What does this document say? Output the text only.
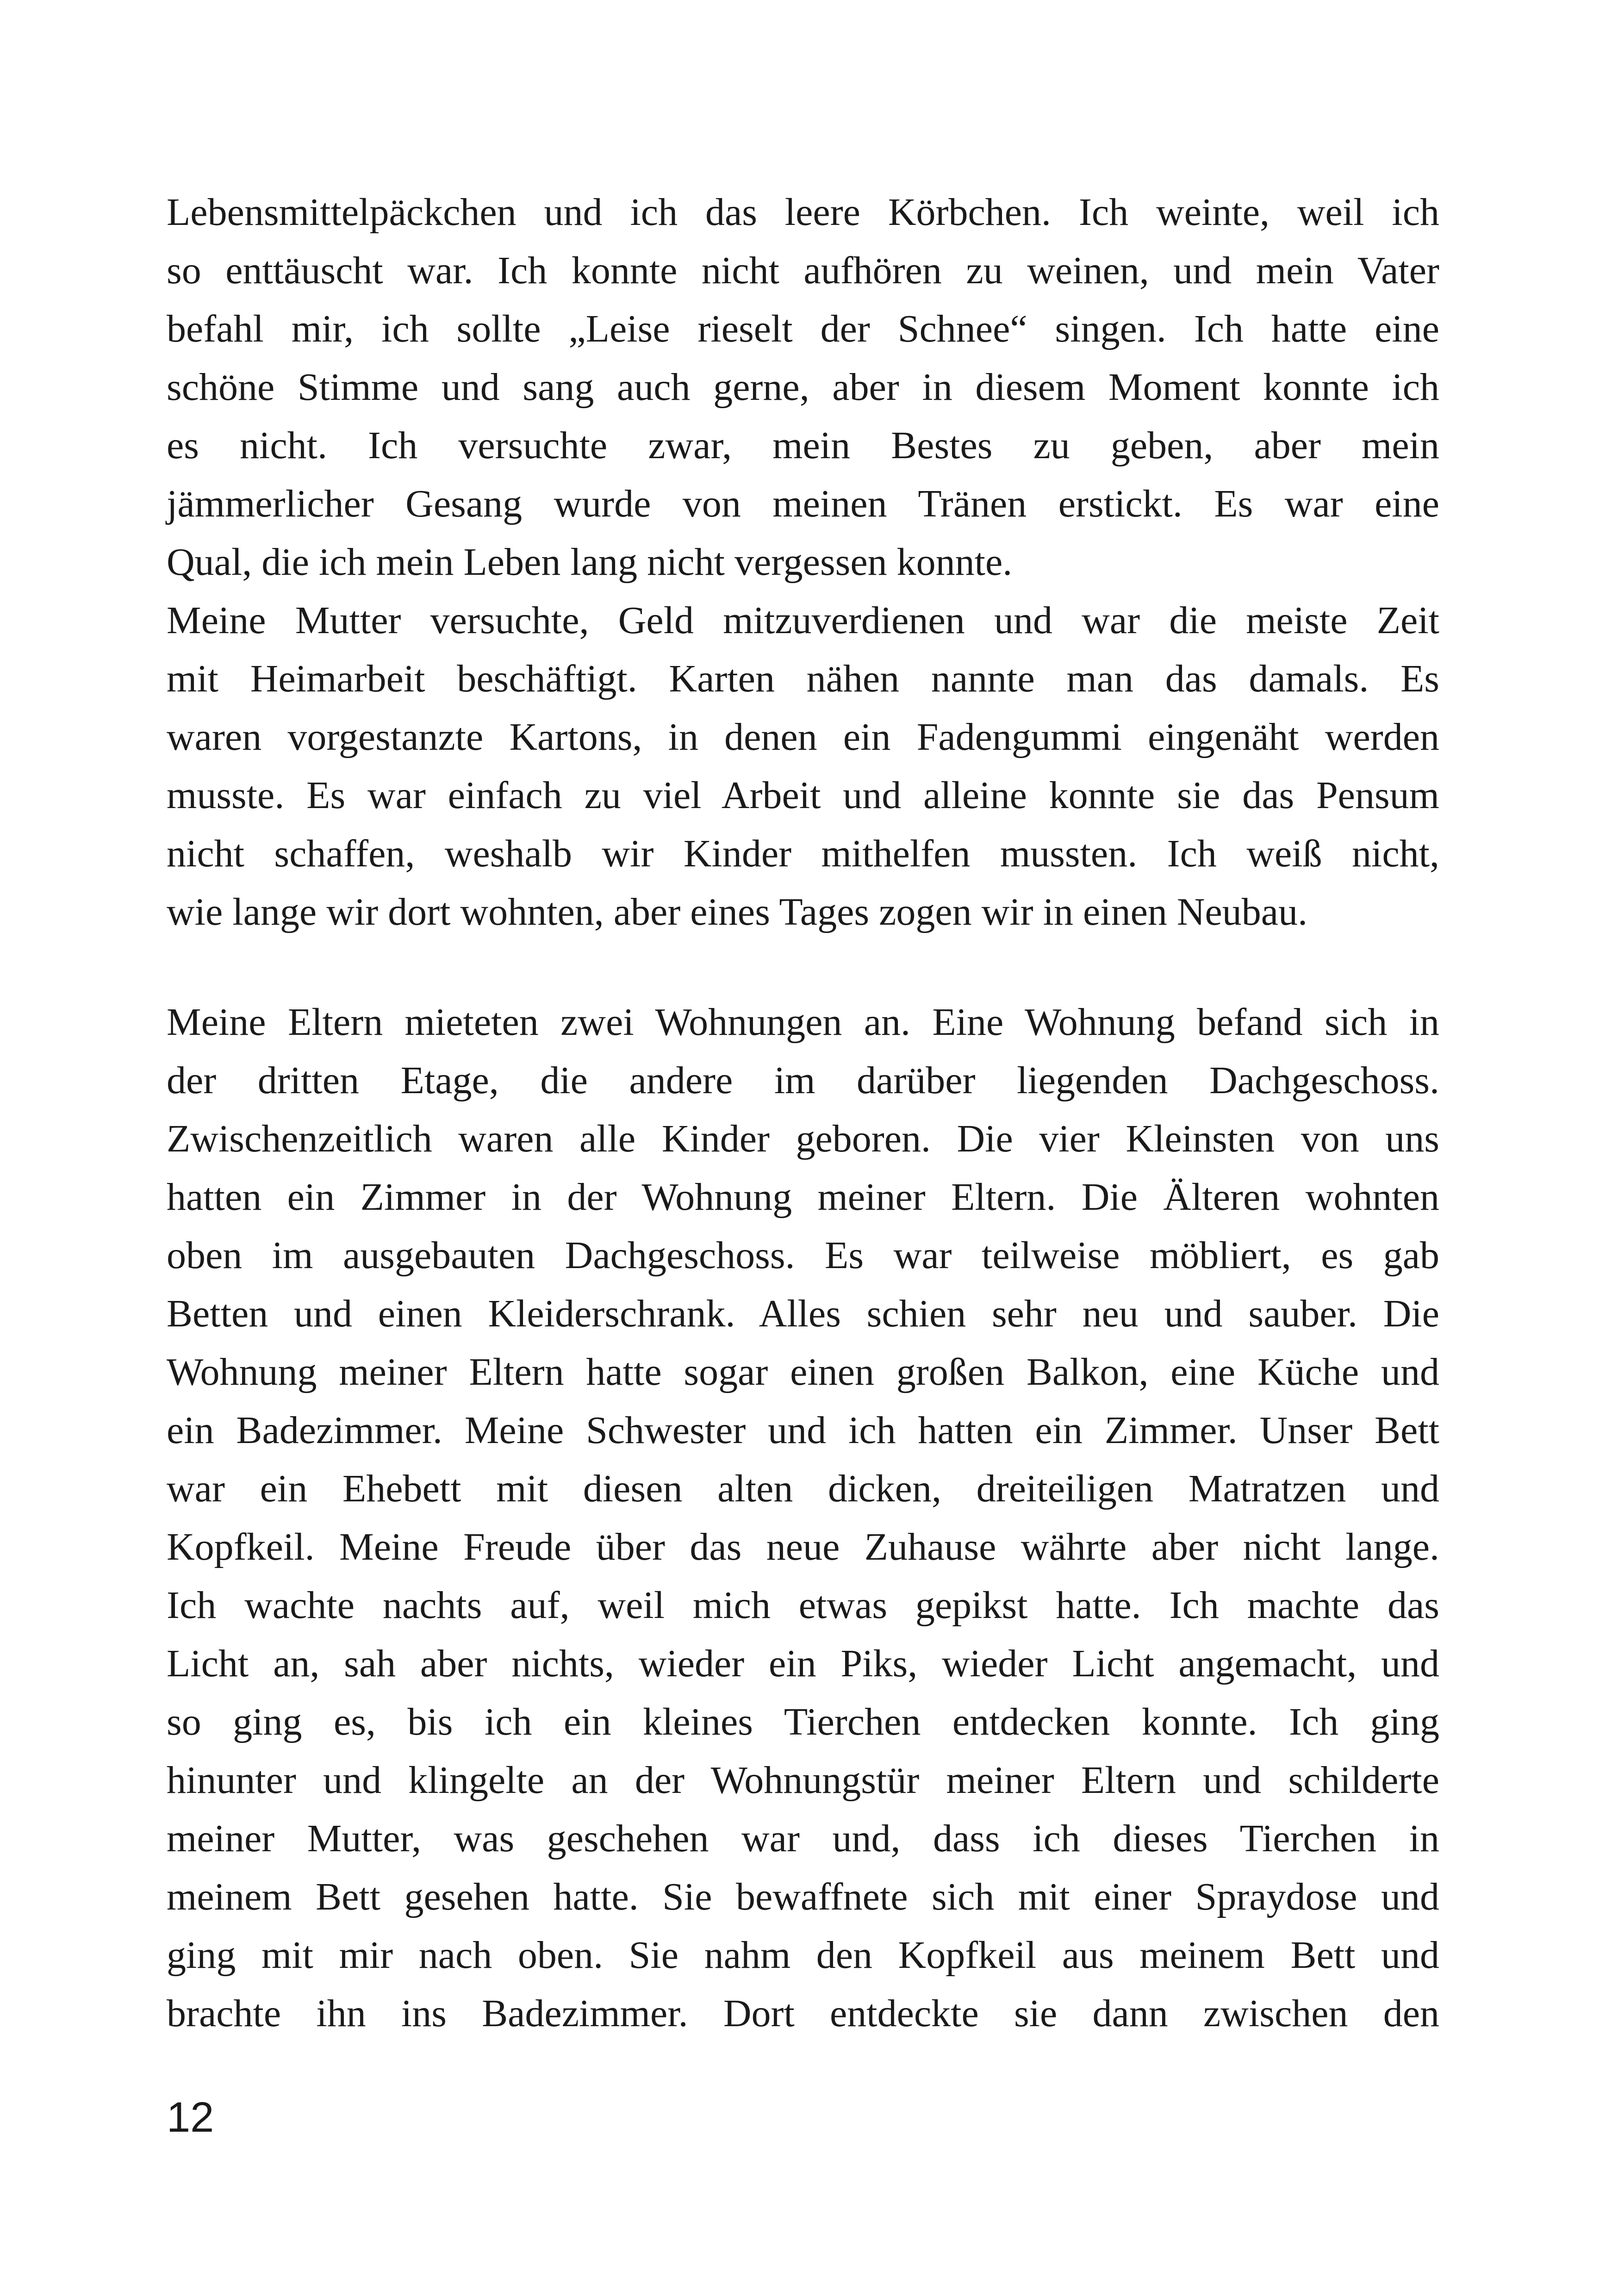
Lebensmittelpäckchen und ich das leere Körbchen. Ich weinte, weil ich
so enttäuscht war. Ich konnte nicht aufhören zu weinen, und mein Vater
befahl mir, ich sollte „Leise rieselt der Schnee“ singen. Ich hatte eine
schöne Stimme und sang auch gerne, aber in diesem Moment konnte ich
es nicht. Ich versuchte zwar, mein Bestes zu geben, aber mein
jämmerlicher Gesang wurde von meinen Tränen erstickt. Es war eine
Qual, die ich mein Leben lang nicht vergessen konnte.
Meine Mutter versuchte, Geld mitzuverdienen und war die meiste Zeit
mit Heimarbeit beschäftigt. Karten nähen nannte man das damals. Es
waren vorgestanzte Kartons, in denen ein Fadengummi eingenäht werden
musste. Es war einfach zu viel Arbeit und alleine konnte sie das Pensum
nicht schaffen, weshalb wir Kinder mithelfen mussten. Ich weiß nicht,
wie lange wir dort wohnten, aber eines Tages zogen wir in einen Neubau.
Meine Eltern mieteten zwei Wohnungen an. Eine Wohnung befand sich in
der dritten Etage, die andere im darüber liegenden Dachgeschoss.
Zwischenzeitlich waren alle Kinder geboren. Die vier Kleinsten von uns
hatten ein Zimmer in der Wohnung meiner Eltern. Die Älteren wohnten
oben im ausgebauten Dachgeschoss. Es war teilweise möbliert, es gab
Betten und einen Kleiderschrank. Alles schien sehr neu und sauber. Die
Wohnung meiner Eltern hatte sogar einen großen Balkon, eine Küche und
ein Badezimmer. Meine Schwester und ich hatten ein Zimmer. Unser Bett
war ein Ehebett mit diesen alten dicken, dreiteiligen Matratzen und
Kopfkeil. Meine Freude über das neue Zuhause währte aber nicht lange.
Ich wachte nachts auf, weil mich etwas gepikst hatte. Ich machte das
Licht an, sah aber nichts, wieder ein Piks, wieder Licht angemacht, und
so ging es, bis ich ein kleines Tierchen entdecken konnte. Ich ging
hinunter und klingelte an der Wohnungstür meiner Eltern und schilderte
meiner Mutter, was geschehen war und, dass ich dieses Tierchen in
meinem Bett gesehen hatte. Sie bewaffnete sich mit einer Spraydose und
ging mit mir nach oben. Sie nahm den Kopfkeil aus meinem Bett und
brachte ihn ins Badezimmer. Dort entdeckte sie dann zwischen den
12
